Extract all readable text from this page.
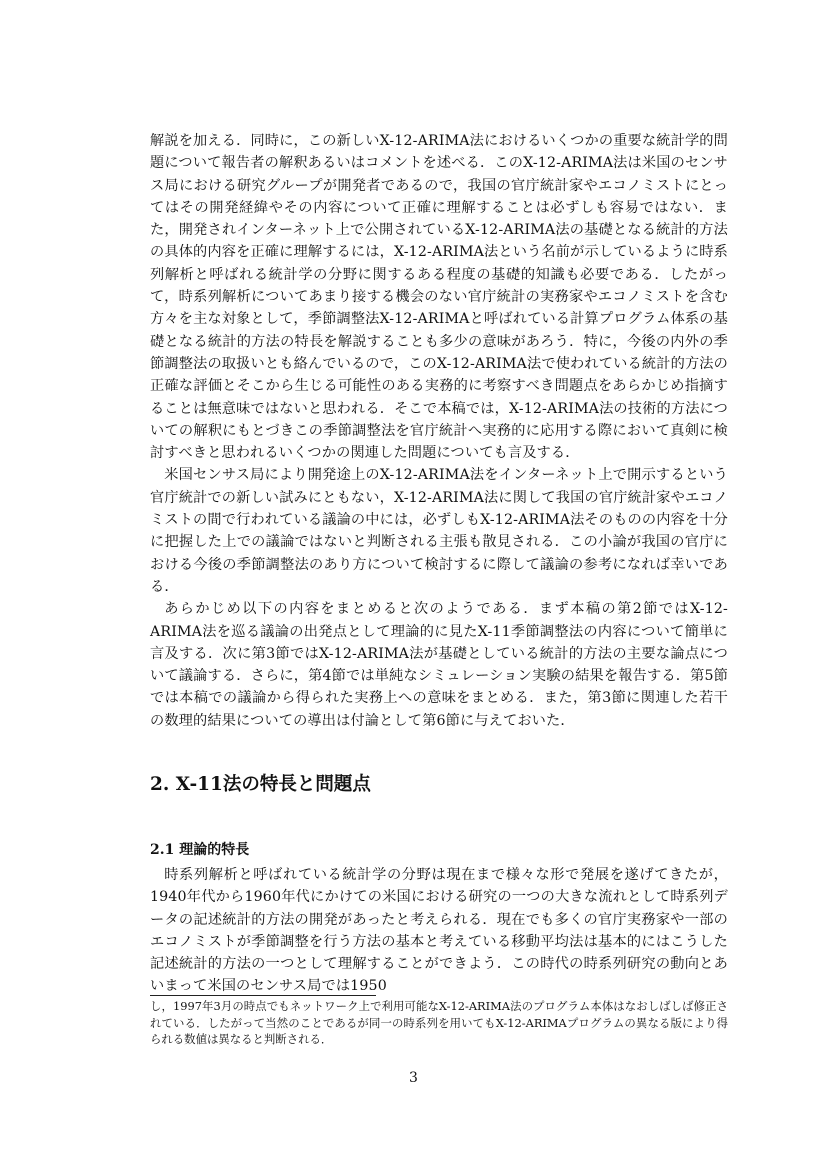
解説を加える．同時に，この新しいX-12-ARIMA法におけるいくつかの重要な統計学的問題について報告者の解釈あるいはコメントを述べる．このX-12-ARIMA法は米国のセンサス局における研究グループが開発者であるので，我国の官庁統計家やエコノミストにとってはその開発経緯やその内容について正確に理解することは必ずしも容易ではない．また，開発されインターネット上で公開されているX-12-ARIMA法の基礎となる統計的方法の具体的内容を正確に理解するには，X-12-ARIMA法という名前が示しているように時系列解析と呼ばれる統計学の分野に関するある程度の基礎的知識も必要である．したがって，時系列解析についてあまり接する機会のない官庁統計の実務家やエコノミストを含む方々を主な対象として，季節調整法X-12-ARIMAと呼ばれている計算プログラム体系の基礎となる統計的方法の特長を解説することも多少の意味があろう．特に，今後の内外の季節調整法の取扱いとも絡んでいるので，このX-12-ARIMA法で使われている統計的方法の正確な評価とそこから生じる可能性のある実務的に考察すべき問題点をあらかじめ指摘することは無意味ではないと思われる．そこで本稿では，X-12-ARIMA法の技術的方法についての解釈にもとづきこの季節調整法を官庁統計へ実務的に応用する際において真剣に検討すべきと思われるいくつかの関連した問題についても言及する．

米国センサス局により開発途上のX-12-ARIMA法をインターネット上で開示するという官庁統計での新しい試みにともない，X-12-ARIMA法に関して我国の官庁統計家やエコノミストの間で行われている議論の中には，必ずしもX-12-ARIMA法そのものの内容を十分に把握した上での議論ではないと判断される主張も散見される．この小論が我国の官庁における今後の季節調整法のあり方について検討するに際して議論の参考になれば幸いである．

あらかじめ以下の内容をまとめると次のようである．まず本稿の第2節ではX-12-ARIMA法を巡る議論の出発点として理論的に見たX-11季節調整法の内容について簡単に言及する．次に第3節ではX-12-ARIMA法が基礎としている統計的方法の主要な論点について議論する．さらに，第4節では単純なシミュレーション実験の結果を報告する．第5節では本稿での議論から得られた実務上への意味をまとめる．また，第3節に関連した若干の数理的結果についての導出は付論として第6節に与えておいた．

2. X-11法の特長と問題点
2.1 理論的特長

時系列解析と呼ばれている統計学の分野は現在まで様々な形で発展を遂げてきたが，1940年代から1960年代にかけての米国における研究の一つの大きな流れとして時系列データの記述統計的方法の開発があったと考えられる．現在でも多くの官庁実務家や一部のエコノミストが季節調整を行う方法の基本と考えている移動平均法は基本的にはこうした記述統計的方法の一つとして理解することができよう．この時代の時系列研究の動向とあいまって米国のセンサス局では1950

し，1997年3月の時点でもネットワーク上で利用可能なX-12-ARIMA法のプログラム本体はなおしばしば修正されている．したがって当然のことであるが同一の時系列を用いてもX-12-ARIMAプログラムの異なる版により得られる数値は異なると判断される．

3
